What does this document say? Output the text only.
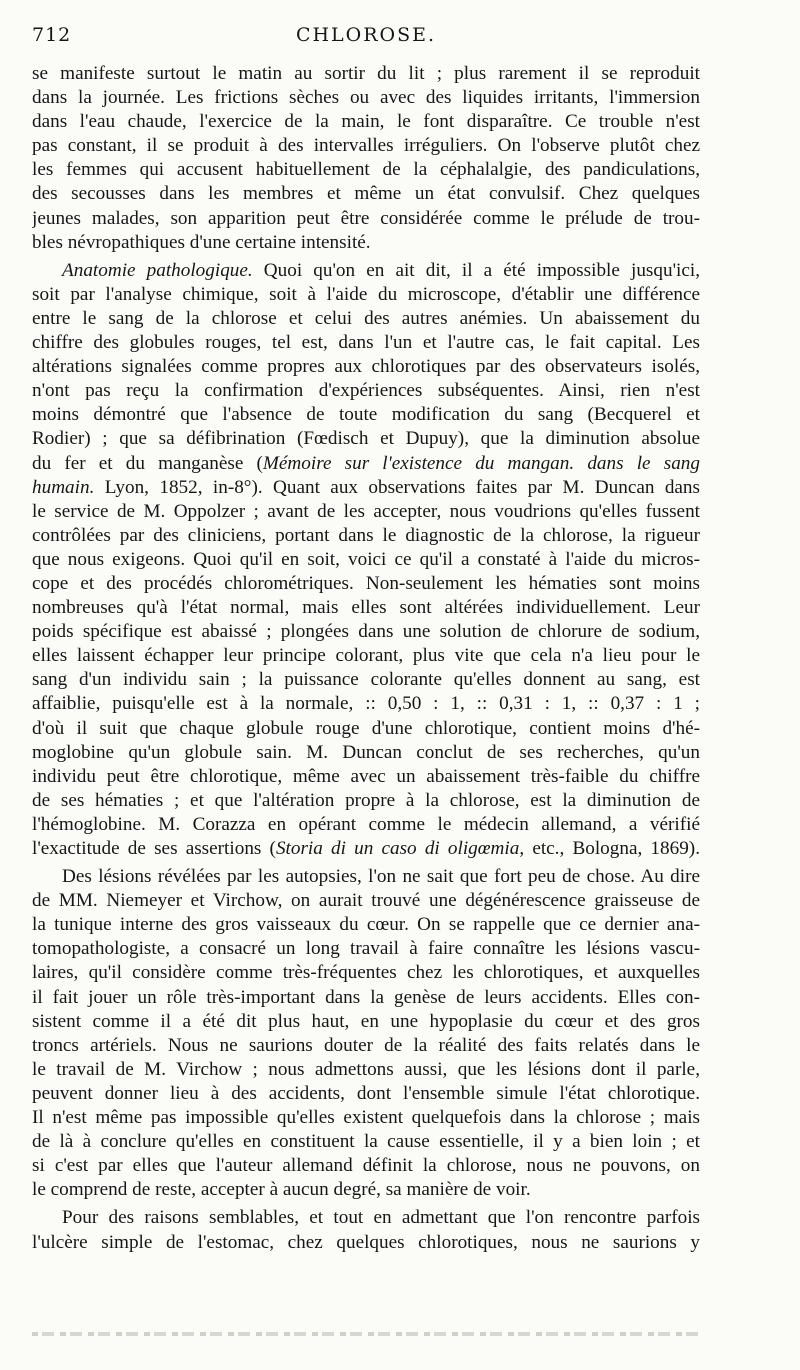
712	CHLOROSE.
se manifeste surtout le matin au sortir du lit ; plus rarement il se reproduit
dans la journée. Les frictions sèches ou avec des liquides irritants, l'immersion
dans l'eau chaude, l'exercice de la main, le font disparaître. Ce trouble n'est
pas constant, il se produit à des intervalles irréguliers. On l'observe plutôt chez
les femmes qui accusent habituellement de la céphalalgie, des pandiculations,
des secousses dans les membres et même un état convulsif. Chez quelques
jeunes malades, son apparition peut être considérée comme le prélude de trou-
bles névropathiques d'une certaine intensité.
Anatomie pathologique. Quoi qu'on en ait dit, il a été impossible jusqu'ici,
soit par l'analyse chimique, soit à l'aide du microscope, d'établir une différence
entre le sang de la chlorose et celui des autres anémies. Un abaissement du
chiffre des globules rouges, tel est, dans l'un et l'autre cas, le fait capital. Les
altérations signalées comme propres aux chlorotiques par des observateurs isolés,
n'ont pas reçu la confirmation d'expériences subséquentes. Ainsi, rien n'est
moins démontré que l'absence de toute modification du sang (Becquerel et
Rodier) ; que sa défibrination (Fœdisch et Dupuy), que la diminution absolue
du fer et du manganèse (Mémoire sur l'existence du mangan. dans le sang
humain. Lyon, 1852, in-8°). Quant aux observations faites par M. Duncan dans
le service de M. Oppolzer ; avant de les accepter, nous voudrions qu'elles fussent
contrôlées par des cliniciens, portant dans le diagnostic de la chlorose, la rigueur
que nous exigeons. Quoi qu'il en soit, voici ce qu'il a constaté à l'aide du micros-
cope et des procédés chlorométriques. Non-seulement les hématies sont moins
nombreuses qu'à l'état normal, mais elles sont altérées individuellement. Leur
poids spécifique est abaissé ; plongées dans une solution de chlorure de sodium,
elles laissent échapper leur principe colorant, plus vite que cela n'a lieu pour le
sang d'un individu sain ; la puissance colorante qu'elles donnent au sang, est
affaiblie, puisqu'elle est à la normale, :: 0,50 : 1, :: 0,31 : 1, :: 0,37 : 1 ;
d'où il suit que chaque globule rouge d'une chlorotique, contient moins d'hé-
moglobine qu'un globule sain. M. Duncan conclut de ses recherches, qu'un
individu peut être chlorotique, même avec un abaissement très-faible du chiffre
de ses hématies ; et que l'altération propre à la chlorose, est la diminution de
l'hémoglobine. M. Corazza en opérant comme le médecin allemand, a vérifié
l'exactitude de ses assertions (Storia di un caso di oligœmia, etc., Bologna, 1869).
Des lésions révélées par les autopsies, l'on ne sait que fort peu de chose. Au dire
de MM. Niemeyer et Virchow, on aurait trouvé une dégénérescence graisseuse de
la tunique interne des gros vaisseaux du cœur. On se rappelle que ce dernier ana-
tomopathologiste, a consacré un long travail à faire connaître les lésions vascu-
laires, qu'il considère comme très-fréquentes chez les chlorotiques, et auxquelles
il fait jouer un rôle très-important dans la genèse de leurs accidents. Elles con-
sistent comme il a été dit plus haut, en une hypoplasie du cœur et des gros
troncs artériels. Nous ne saurions douter de la réalité des faits relatés dans le
le travail de M. Virchow ; nous admettons aussi, que les lésions dont il parle,
peuvent donner lieu à des accidents, dont l'ensemble simule l'état chlorotique.
Il n'est même pas impossible qu'elles existent quelquefois dans la chlorose ; mais
de là à conclure qu'elles en constituent la cause essentielle, il y a bien loin ; et
si c'est par elles que l'auteur allemand définit la chlorose, nous ne pouvons, on
le comprend de reste, accepter à aucun degré, sa manière de voir.
Pour des raisons semblables, et tout en admettant que l'on rencontre parfois
l'ulcère simple de l'estomac, chez quelques chlorotiques, nous ne saurions y
